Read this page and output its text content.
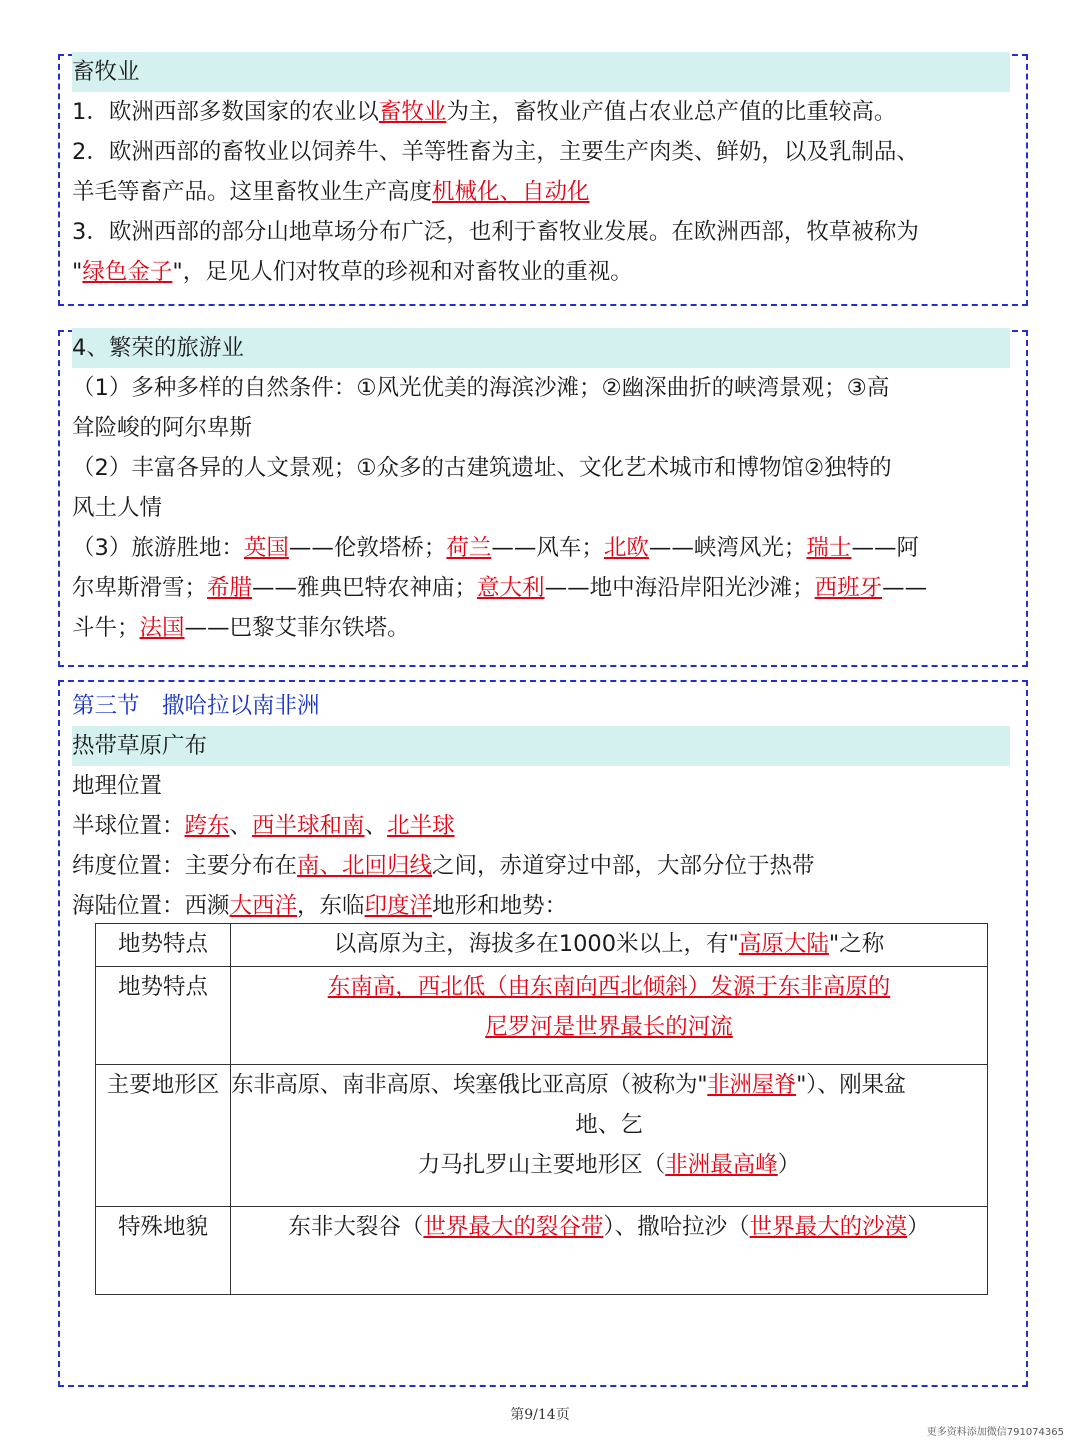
畜牧业
1．欧洲西部多数国家的农业以畜牧业为主，畜牧业产值占农业总产值的比重较高。
2．欧洲西部的畜牧业以饲养牛、羊等牲畜为主，主要生产肉类、鲜奶，以及乳制品、
羊毛等畜产品。这里畜牧业生产高度机械化、自动化
3．欧洲西部的部分山地草场分布广泛，也利于畜牧业发展。在欧洲西部，牧草被称为
"绿色金子"，足见人们对牧草的珍视和对畜牧业的重视。
4、繁荣的旅游业
（1）多种多样的自然条件：①风光优美的海滨沙滩；②幽深曲折的峡湾景观；③高
耸险峻的阿尔卑斯
（2）丰富各异的人文景观；①众多的古建筑遗址、文化艺术城市和博物馆②独特的
风土人情
（3）旅游胜地：英国——伦敦塔桥；荷兰——风车；北欧——峡湾风光；瑞士——阿
尔卑斯滑雪；希腊——雅典巴特农神庙；意大利——地中海沿岸阳光沙滩；西班牙——
斗牛；法国——巴黎艾菲尔铁塔。
第三节　撒哈拉以南非洲
热带草原广布
地理位置
半球位置：跨东、西半球和南、北半球
纬度位置：主要分布在南、北回归线之间，赤道穿过中部，大部分位于热带
海陆位置：西濒大西洋，东临印度洋地形和地势：
地势特点	以高原为主，海拔多在1000米以上，有"高原大陆"之称

地势特点	东南高，西北低（由东南向西北倾斜）发源于东非高原的
尼罗河是世界最长的河流

主要地形区	东非高原、南非高原、埃塞俄比亚高原（被称为"非洲屋脊"）、刚果盆
地、乞
力马扎罗山主要地形区（非洲最高峰）

特殊地貌	东非大裂谷（世界最大的裂谷带）、撒哈拉沙（世界最大的沙漠）
第9/14页
更多资料添加微信791074365
